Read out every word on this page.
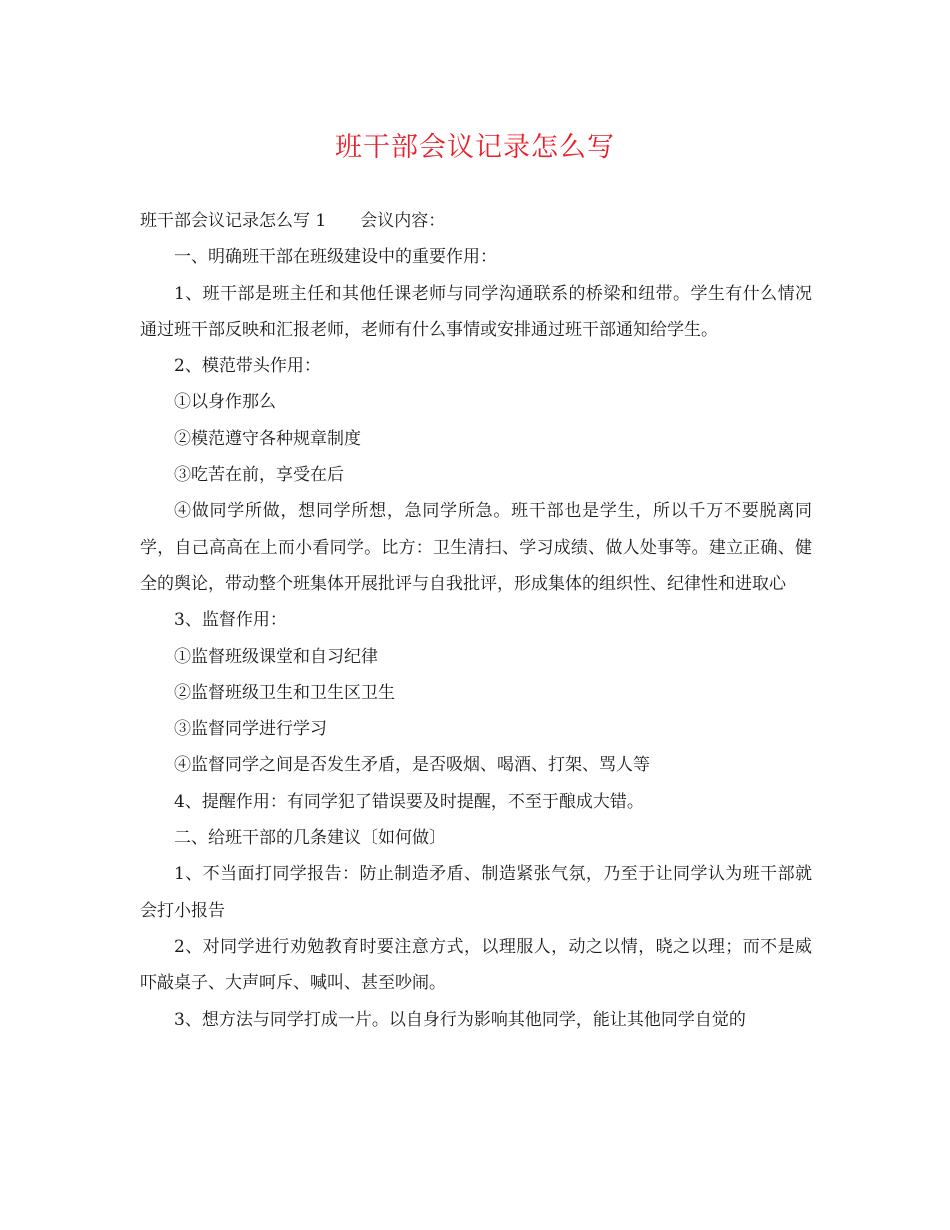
班干部会议记录怎么写

班干部会议记录怎么写 1 会议内容：

一、明确班干部在班级建设中的重要作用：

1、班干部是班主任和其他任课老师与同学沟通联系的桥梁和纽带。学生有什么情况通过班干部反映和汇报老师，老师有什么事情或安排通过班干部通知给学生。

2、模范带头作用：

①以身作那么

②模范遵守各种规章制度

③吃苦在前，享受在后

④做同学所做，想同学所想，急同学所急。班干部也是学生，所以千万不要脱离同学，自己高高在上而小看同学。比方：卫生清扫、学习成绩、做人处事等。建立正确、健全的舆论，带动整个班集体开展批评与自我批评，形成集体的组织性、纪律性和进取心

3、监督作用：

①监督班级课堂和自习纪律

②监督班级卫生和卫生区卫生

③监督同学进行学习

④监督同学之间是否发生矛盾，是否吸烟、喝酒、打架、骂人等

4、提醒作用：有同学犯了错误要及时提醒，不至于酿成大错。

二、给班干部的几条建议〔如何做〕

1、不当面打同学报告：防止制造矛盾、制造紧张气氛，乃至于让同学认为班干部就会打小报告

2、对同学进行劝勉教育时要注意方式，以理服人，动之以情，晓之以理；而不是威吓敲桌子、大声呵斥、喊叫、甚至吵闹。

3、想方法与同学打成一片。以自身行为影响其他同学，能让其他同学自觉的
